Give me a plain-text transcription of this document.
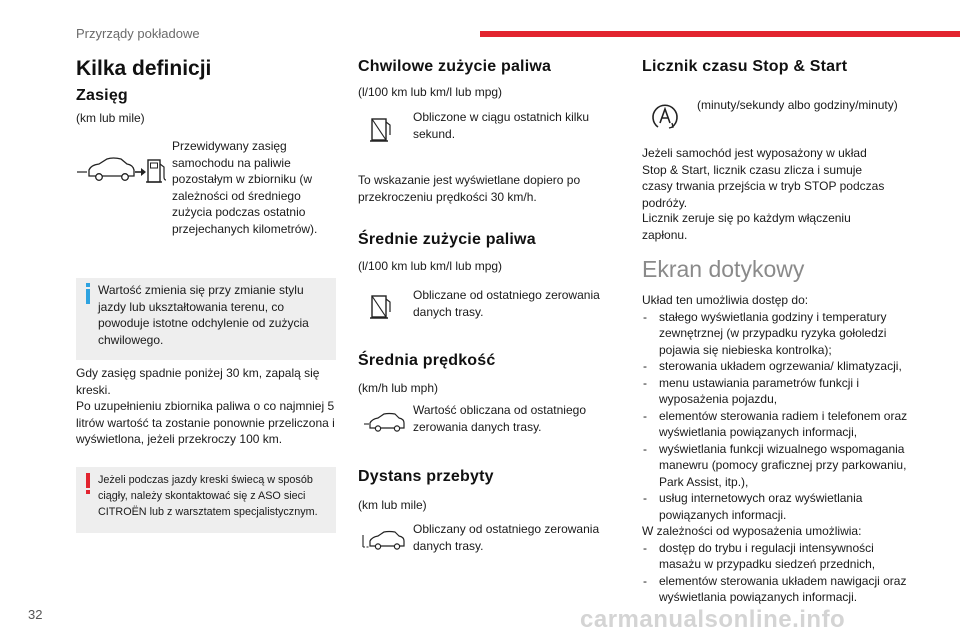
Przyrządy pokładowe
Kilka definicji
Zasięg
(km lub mile)
Przewidywany zasięg samochodu na paliwie pozostałym w zbiorniku (w zależności od średniego zużycia podczas ostatnio przejechanych kilometrów).
Wartość zmienia się przy zmianie stylu jazdy lub ukształtowania terenu, co powoduje istotne odchylenie od zużycia chwilowego.
Gdy zasięg spadnie poniżej 30 km, zapalą się kreski.
Po uzupełnieniu zbiornika paliwa o co najmniej 5 litrów wartość ta zostanie ponownie przeliczona i wyświetlona, jeżeli przekroczy 100 km.
Jeżeli podczas jazdy kreski świecą w sposób ciągły, należy skontaktować się z ASO sieci CITROËN lub z warsztatem specjalistycznym.
Chwilowe zużycie paliwa
(l/100 km lub km/l lub mpg)
Obliczone w ciągu ostatnich kilku sekund.
To wskazanie jest wyświetlane dopiero po przekroczeniu prędkości 30 km/h.
Średnie zużycie paliwa
(l/100 km lub km/l lub mpg)
Obliczane od ostatniego zerowania danych trasy.
Średnia prędkość
(km/h lub mph)
Wartość obliczana od ostatniego zerowania danych trasy.
Dystans przebyty
(km lub mile)
Obliczany od ostatniego zerowania danych trasy.
Licznik czasu Stop & Start
(minuty/sekundy albo godziny/minuty)
Jeżeli samochód jest wyposażony w układ Stop & Start, licznik czasu zlicza i sumuje czasy trwania przejścia w tryb STOP podczas podróży.
Licznik zeruje się po każdym włączeniu zapłonu.
Ekran dotykowy
Układ ten umożliwia dostęp do:
- stałego wyświetlania godziny i temperatury zewnętrznej (w przypadku ryzyka gołoledzi pojawia się niebieska kontrolka);
- sterowania układem ogrzewania/ klimatyzacji,
- menu ustawiania parametrów funkcji i wyposażenia pojazdu,
- elementów sterowania radiem i telefonem oraz wyświetlania powiązanych informacji,
- wyświetlania funkcji wizualnego wspomagania manewru (pomocy graficznej przy parkowaniu, Park Assist, itp.),
- usług internetowych oraz wyświetlania powiązanych informacji.
W zależności od wyposażenia umożliwia:
- dostęp do trybu i regulacji intensywności masażu w przypadku siedzeń przednich,
- elementów sterowania układem nawigacji oraz wyświetlania powiązanych informacji.
32	carmanualsonline.info
